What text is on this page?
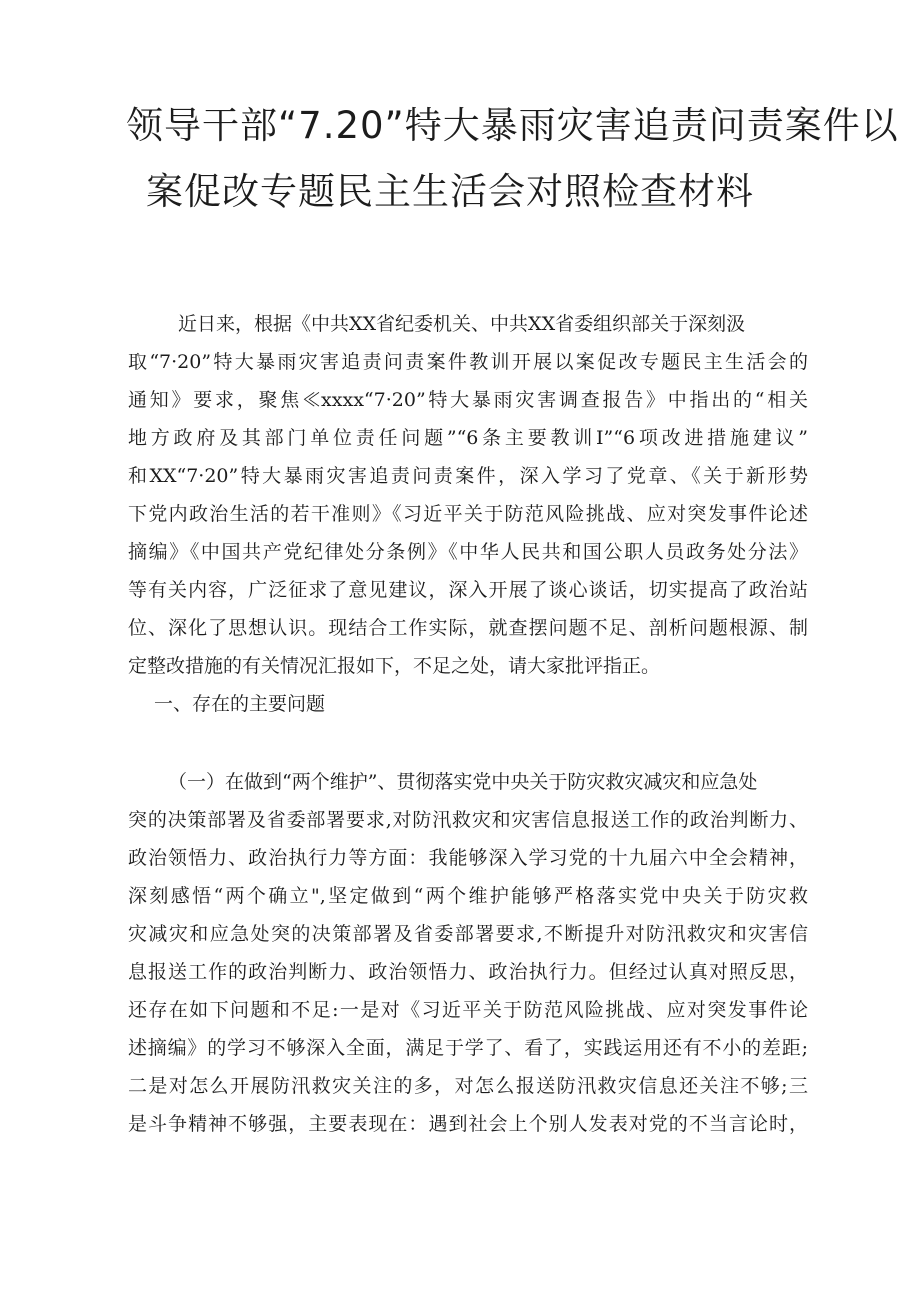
领导干部“7.20”特大暴雨灾害追责问责案件以
案促改专题民主生活会对照检查材料
近日来，根据《中共XX省纪委机关、中共XX省委组织部关于深刻汲
取“7·20”特大暴雨灾害追责问责案件教训开展以案促改专题民主生活会的
通知》要求，聚焦≪xxxx“7·20”特大暴雨灾害调查报告》中指出的“相关
地方政府及其部门单位责任问题”“6条主要教训I”“6项改进措施建议”
和XX“7·20”特大暴雨灾害追责问责案件，深入学习了党章、《关于新形势
下党内政治生活的若干准则》《习近平关于防范风险挑战、应对突发事件论述
摘编》《中国共产党纪律处分条例》《中华人民共和国公职人员政务处分法》
等有关内容，广泛征求了意见建议，深入开展了谈心谈话，切实提高了政治站
位、深化了思想认识。现结合工作实际，就查摆问题不足、剖析问题根源、制
定整改措施的有关情况汇报如下，不足之处，请大家批评指正。
一、存在的主要问题
（一）在做到“两个维护”、贯彻落实党中央关于防灾救灾减灾和应急处
突的决策部署及省委部署要求,对防汛救灾和灾害信息报送工作的政治判断力、
政治领悟力、政治执行力等方面：我能够深入学习党的十九届六中全会精神，
深刻感悟“两个确立",坚定做到“两个维护能够严格落实党中央关于防灾救
灾减灾和应急处突的决策部署及省委部署要求,不断提升对防汛救灾和灾害信
息报送工作的政治判断力、政治领悟力、政治执行力。但经过认真对照反思，
还存在如下问题和不足:一是对《习近平关于防范风险挑战、应对突发事件论
述摘编》的学习不够深入全面，满足于学了、看了，实践运用还有不小的差距;
二是对怎么开展防汛救灾关注的多，对怎么报送防汛救灾信息还关注不够;三
是斗争精神不够强，主要表现在：遇到社会上个别人发表对党的不当言论时，
